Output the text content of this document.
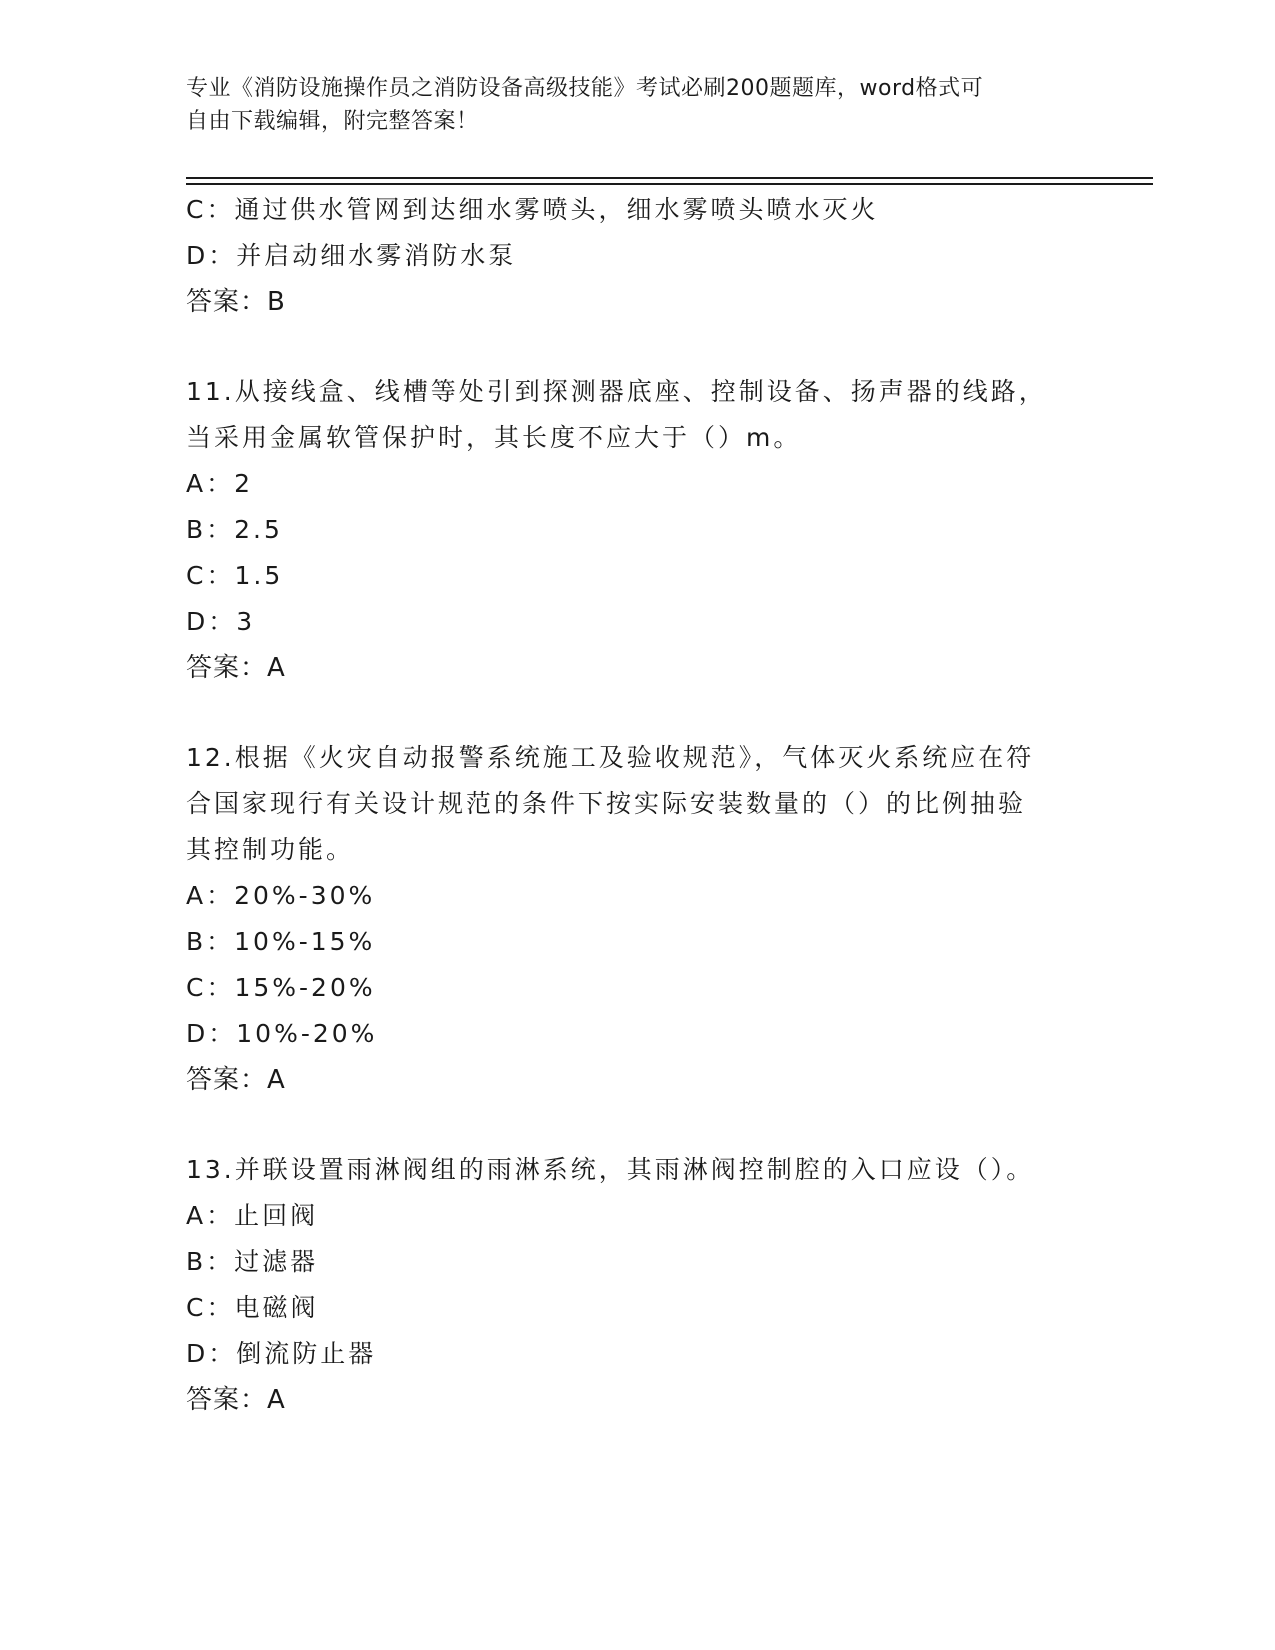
专业《消防设施操作员之消防设备高级技能》考试必刷200题题库，word格式可
自由下载编辑，附完整答案！
C：通过供水管网到达细水雾喷头，细水雾喷头喷水灭火
D：并启动细水雾消防水泵
答案：B
11.从接线盒、线槽等处引到探测器底座、控制设备、扬声器的线路，
当采用金属软管保护时，其长度不应大于（）m。
A：2
B：2.5
C：1.5
D：3
答案：A
12.根据《火灾自动报警系统施工及验收规范》，气体灭火系统应在符
合国家现行有关设计规范的条件下按实际安装数量的（）的比例抽验
其控制功能。
A：20%-30%
B：10%-15%
C：15%-20%
D：10%-20%
答案：A
13.并联设置雨淋阀组的雨淋系统，其雨淋阀控制腔的入口应设（）。
A：止回阀
B：过滤器
C：电磁阀
D：倒流防止器
答案：A
